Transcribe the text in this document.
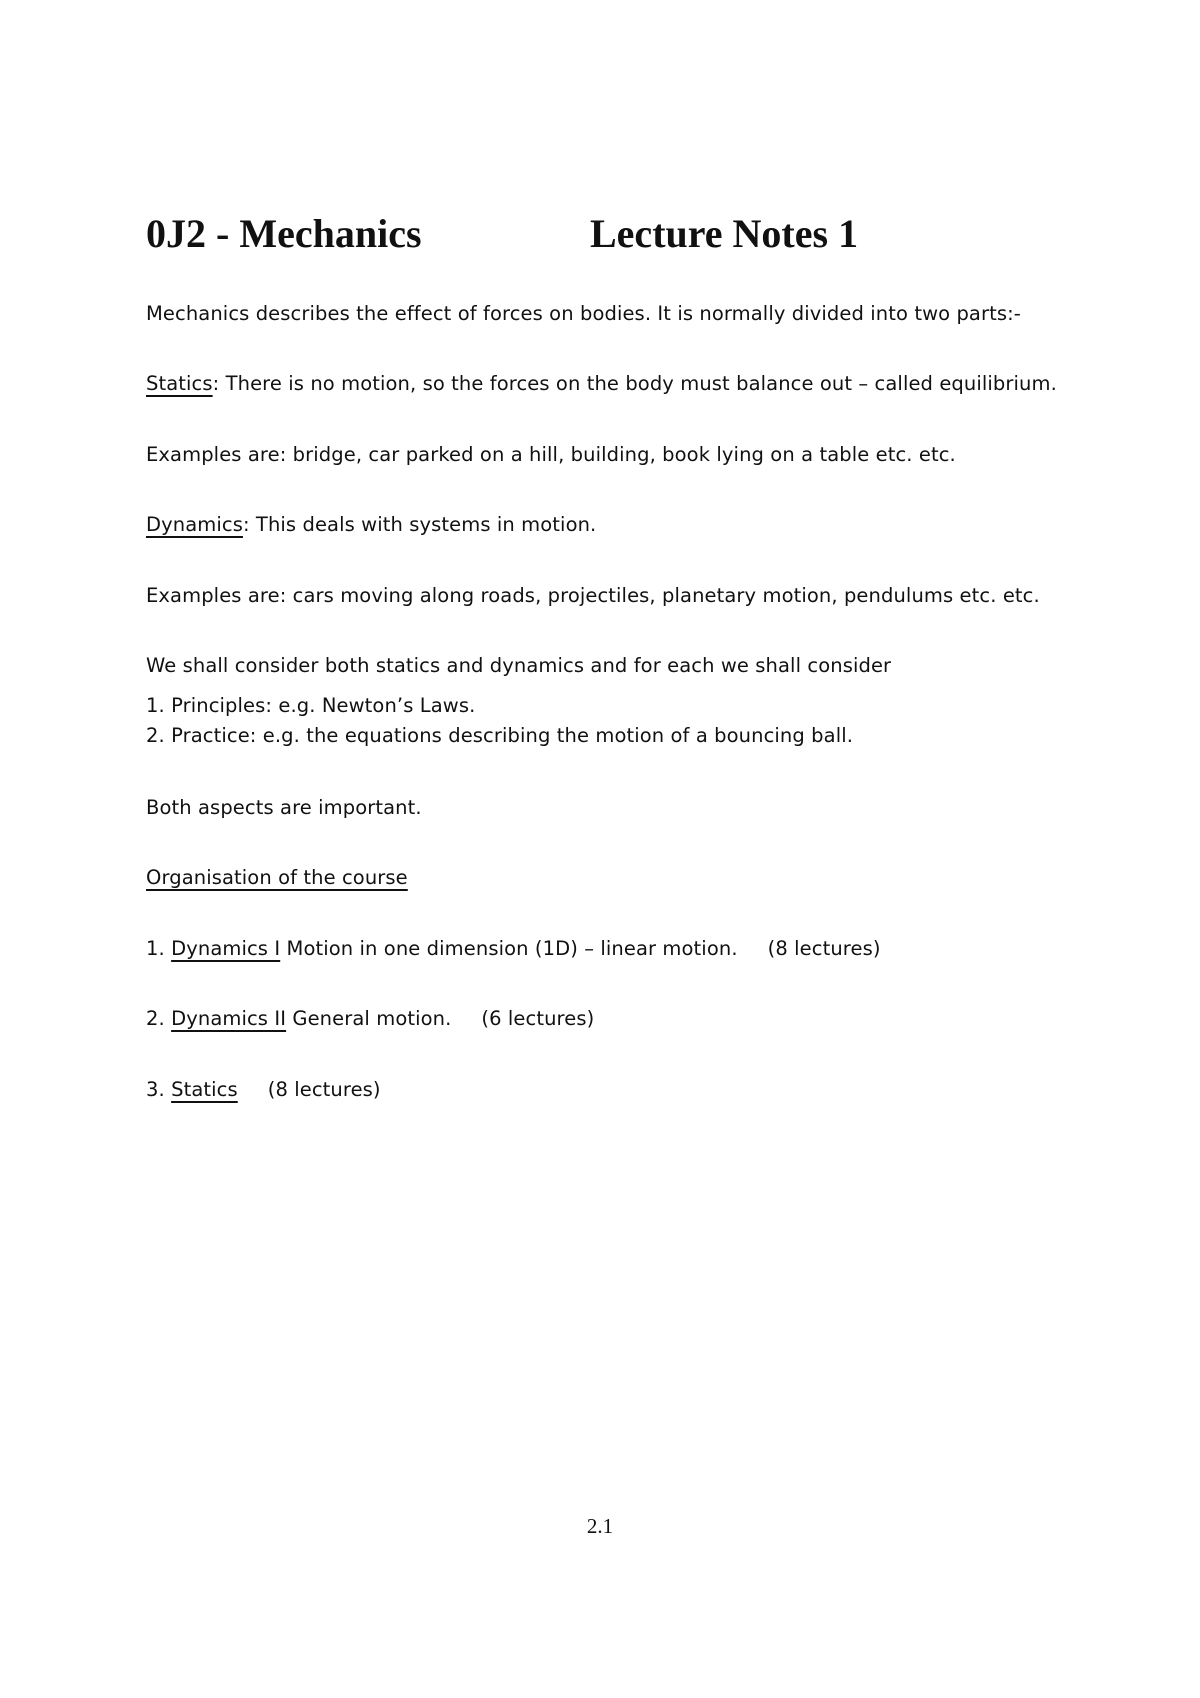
0J2 - Mechanics	Lecture Notes 1
Mechanics describes the effect of forces on bodies. It is normally divided into two parts:-
Statics: There is no motion, so the forces on the body must balance out – called equilibrium.
Examples are: bridge, car parked on a hill, building, book lying on a table etc. etc.
Dynamics: This deals with systems in motion.
Examples are: cars moving along roads, projectiles, planetary motion, pendulums etc. etc.
We shall consider both statics and dynamics and for each we shall consider
1. Principles: e.g. Newton’s Laws.
2. Practice: e.g. the equations describing the motion of a bouncing ball.
Both aspects are important.
Organisation of the course
1. Dynamics I Motion in one dimension (1D) – linear motion. (8 lectures)
2. Dynamics II General motion. (6 lectures)
3. Statics (8 lectures)
2.1
